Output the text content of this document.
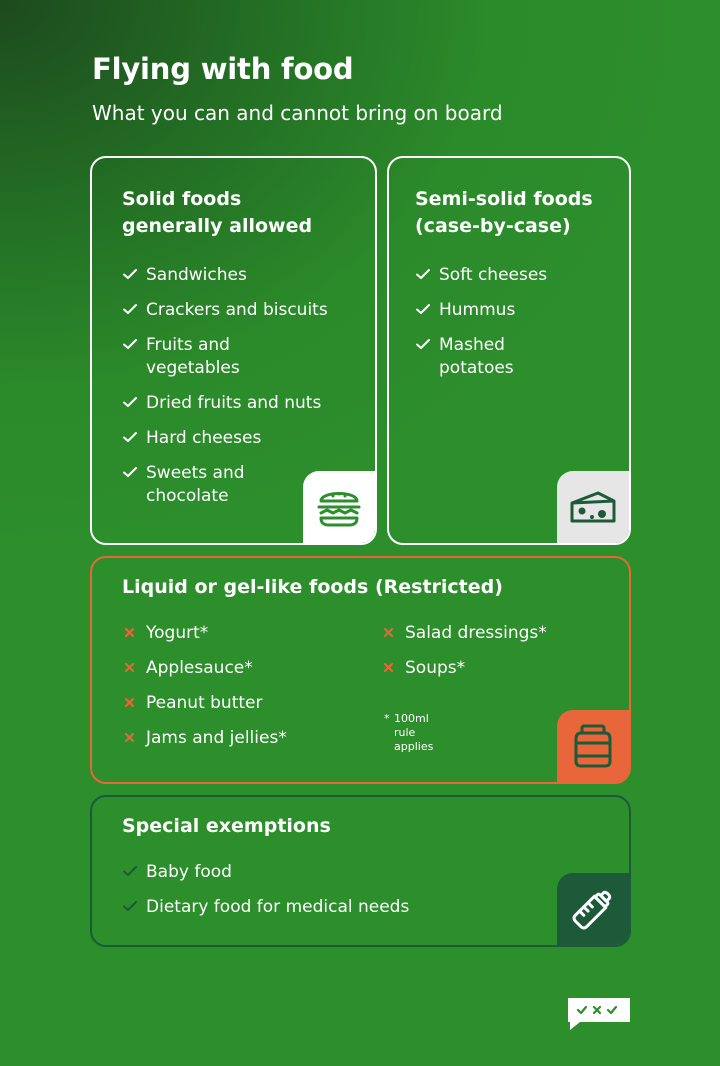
Flying with food
What you can and cannot bring on board
Solid foods
generally allowed
Sandwiches
Crackers and biscuits
Fruits and
vegetables
Dried fruits and nuts
Hard cheeses
Sweets and
chocolate
Semi-solid foods
(case-by-case)
Soft cheeses
Hummus
Mashed
potatoes
Liquid or gel-like foods (Restricted)
Yogurt*
Applesauce*
Peanut butter
Jams and jellies*
Salad dressings*
Soups*
* 100ml
rule
applies
Special exemptions
Baby food
Dietary food for medical needs
